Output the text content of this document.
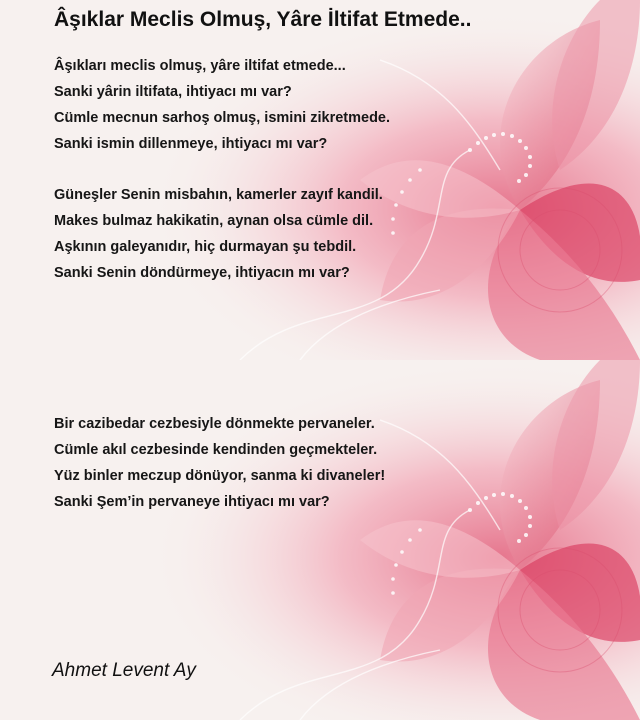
Âşıklar Meclis Olmuş, Yâre İltifat Etmede..
Âşıkları meclis olmuş, yâre iltifat etmede...
Sanki yârin iltifata, ihtiyacı mı var?
Cümle mecnun sarhoş olmuş, ismini zikretmede.
Sanki ismin dillenmeye, ihtiyacı mı var?
Güneşler Senin misbahın, kamerler zayıf kandil.
Makes bulmaz hakikatin, aynan olsa cümle dil.
Aşkının galeyanıdır, hiç durmayan şu tebdil.
Sanki Senin döndürmeye, ihtiyacın mı var?
Bir cazibedar cezbesiyle dönmekte pervaneler.
Cümle akıl cezbesinde kendinden geçmekteler.
Yüz binler meczup dönüyor, sanma ki divaneler!
Sanki Şem’in pervaneye ihtiyacı mı var?
Ahmet Levent Ay
